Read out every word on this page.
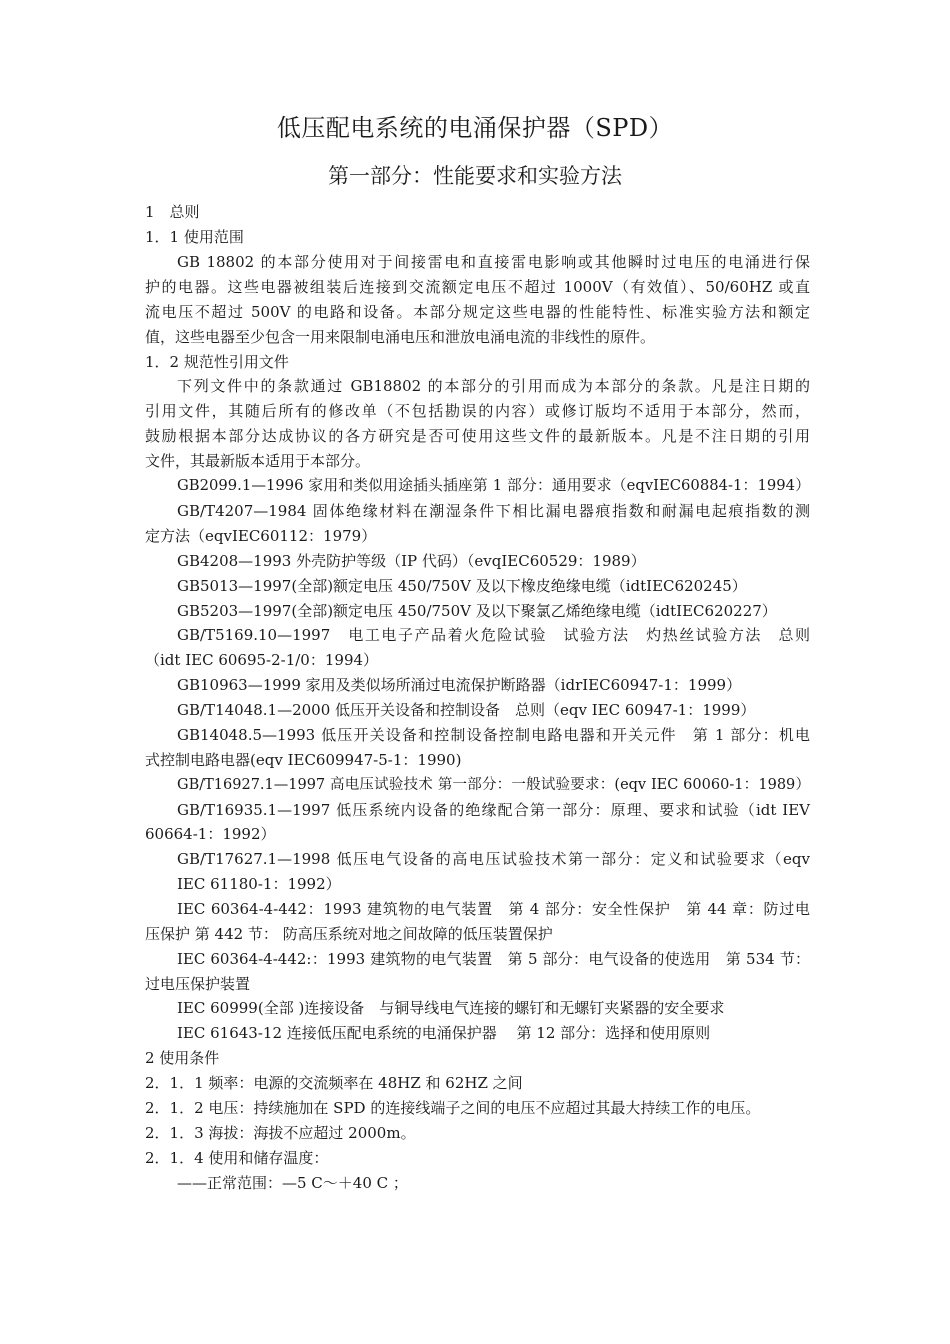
低压配电系统的电涌保护器（SPD）
第一部分：性能要求和实验方法
1　总则
1．1 使用范围
GB 18802 的本部分使用对于间接雷电和直接雷电影响或其他瞬时过电压的电涌进行保
护的电器。这些电器被组装后连接到交流额定电压不超过 1000V（有效值）、50/60HZ 或直
流电压不超过 500V 的电路和设备。本部分规定这些电器的性能特性、标准实验方法和额定
值，这些电器至少包含一用来限制电涌电压和泄放电涌电流的非线性的原件。
1．2 规范性引用文件
下列文件中的条款通过 GB18802 的本部分的引用而成为本部分的条款。凡是注日期的
引用文件，其随后所有的修改单（不包括勘误的内容）或修订版均不适用于本部分，然而，
鼓励根据本部分达成协议的各方研究是否可使用这些文件的最新版本。凡是不注日期的引用
文件，其最新版本适用于本部分。
GB2099.1—1996 家用和类似用途插头插座第 1 部分：通用要求（eqvIEC60884-1：1994）
GB/T4207—1984 固体绝缘材料在潮湿条件下相比漏电器痕指数和耐漏电起痕指数的测
定方法（eqvIEC60112：1979）
GB4208—1993 外壳防护等级（IP 代码）（evqIEC60529：1989）
GB5013—1997(全部)额定电压 450/750V 及以下橡皮绝缘电缆（idtIEC620245）
GB5203—1997(全部)额定电压 450/750V 及以下聚氯乙烯绝缘电缆（idtIEC620227）
GB/T5169.10—1997　电工电子产品着火危险试验　试验方法　灼热丝试验方法　总则
（idt IEC 60695-2-1/0：1994）
GB10963—1999 家用及类似场所涌过电流保护断路器（idrIEC60947-1：1999）
GB/T14048.1—2000 低压开关设备和控制设备　总则（eqv IEC 60947-1：1999）
GB14048.5—1993 低压开关设备和控制设备控制电路电器和开关元件　第 1 部分：机电
式控制电路电器(eqv IEC609947-5-1：1990)
GB/T16927.1—1997 高电压试验技术 第一部分：一般试验要求：(eqv IEC 60060-1：1989）
GB/T16935.1—1997 低压系统内设备的绝缘配合第一部分：原理、要求和试验（idt IEV
60664-1：1992）
GB/T17627.1—1998 低压电气设备的高电压试验技术第一部分：定义和试验要求（eqv
IEC 61180-1：1992）
IEC 60364-4-442：1993 建筑物的电气装置　第 4 部分：安全性保护　第 44 章：防过电
压保护 第 442 节： 防高压系统对地之间故障的低压装置保护
IEC 60364-4-442:：1993 建筑物的电气装置　第 5 部分：电气设备的使选用　第 534 节：
过电压保护装置
IEC 60999(全部 )连接设备　与铜导线电气连接的螺钉和无螺钉夹紧器的安全要求
IEC 61643-12 连接低压配电系统的电涌保护器　 第 12 部分：选择和使用原则
2 使用条件
2．1．1 频率：电源的交流频率在 48HZ 和 62HZ 之间
2．1．2 电压：持续施加在 SPD 的连接线端子之间的电压不应超过其最大持续工作的电压。
2．1．3 海拔：海拔不应超过 2000m。
2．1．4 使用和储存温度：
——正常范围：—5 C～＋40 C ；
